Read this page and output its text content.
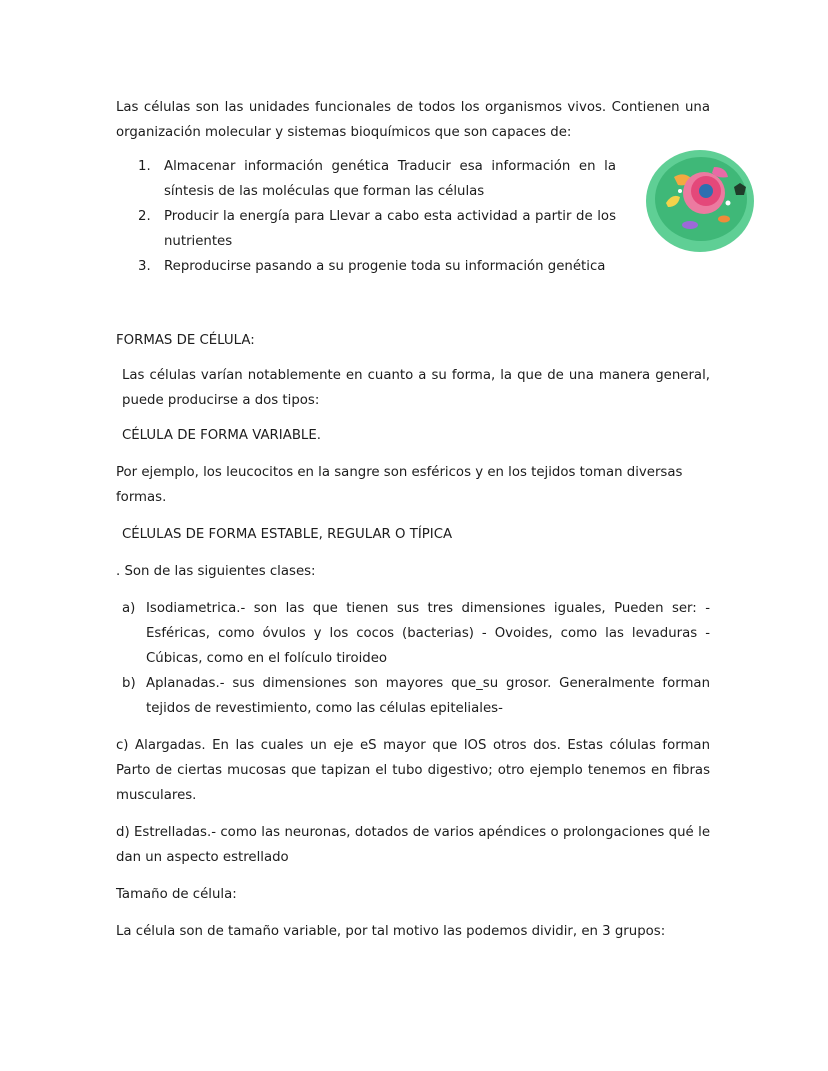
Las células son las unidades funcionales de todos los organismos vivos. Contienen una organización molecular y sistemas bioquímicos que son capaces de:

1. Almacenar información genética Traducir esa información en la síntesis de las moléculas que forman las células
2. Producir la energía para Llevar a cabo esta actividad a partir de los nutrientes
3. Reproducirse pasando a su progenie toda su información genética

FORMAS DE CÉLULA:

Las células varían notablemente en cuanto a su forma, la que de una manera general, puede producirse a dos tipos:

CÉLULA DE FORMA VARIABLE.

Por ejemplo, los leucocitos en la sangre son esféricos y en los tejidos toman diversas formas.

CÉLULAS DE FORMA ESTABLE, REGULAR O TÍPICA

. Son de las siguientes clases:

a) Isodiametrica.- son las que tienen sus tres dimensiones iguales, Pueden ser: - Esféricas, como óvulos y los cocos (bacterias) - Ovoides, como las levaduras - Cúbicas, como en el folículo tiroideo
b) Aplanadas.- sus dimensiones son mayores que_su grosor. Generalmente forman tejidos de revestimiento, como las células epiteliales-

c) Alargadas. En las cuales un eje eS mayor que lOS otros dos. Estas cólulas forman Parto de ciertas mucosas que tapizan el tubo digestivo; otro ejemplo tenemos en fibras musculares.

d) Estrelladas.- como las neuronas, dotados de varios apéndices o prolongaciones qué le dan un aspecto estrellado

Tamaño de célula:

La célula son de tamaño variable, por tal motivo las podemos dividir, en 3 grupos:
